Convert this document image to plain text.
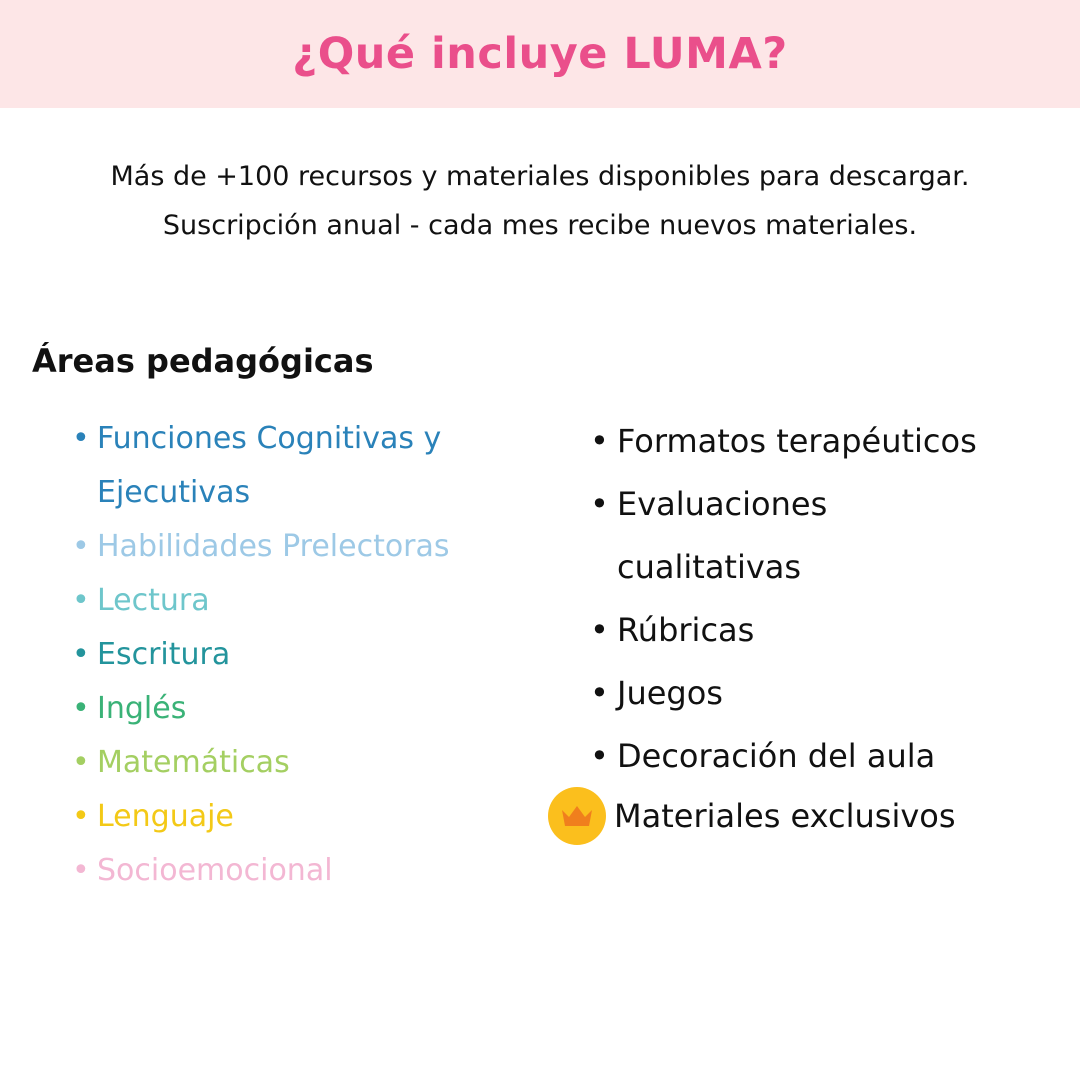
¿Qué incluye LUMA?
Más de +100 recursos y materiales disponibles para descargar.
Suscripción anual - cada mes recibe nuevos materiales.
Áreas pedagógicas
• Funciones Cognitivas y Ejecutivas
• Habilidades Prelectoras
• Lectura
• Escritura
• Inglés
• Matemáticas
• Lenguaje
• Socioemocional
• Formatos terapéuticos
• Evaluaciones cualitativas
• Rúbricas
• Juegos
• Decoración del aula
Materiales exclusivos
